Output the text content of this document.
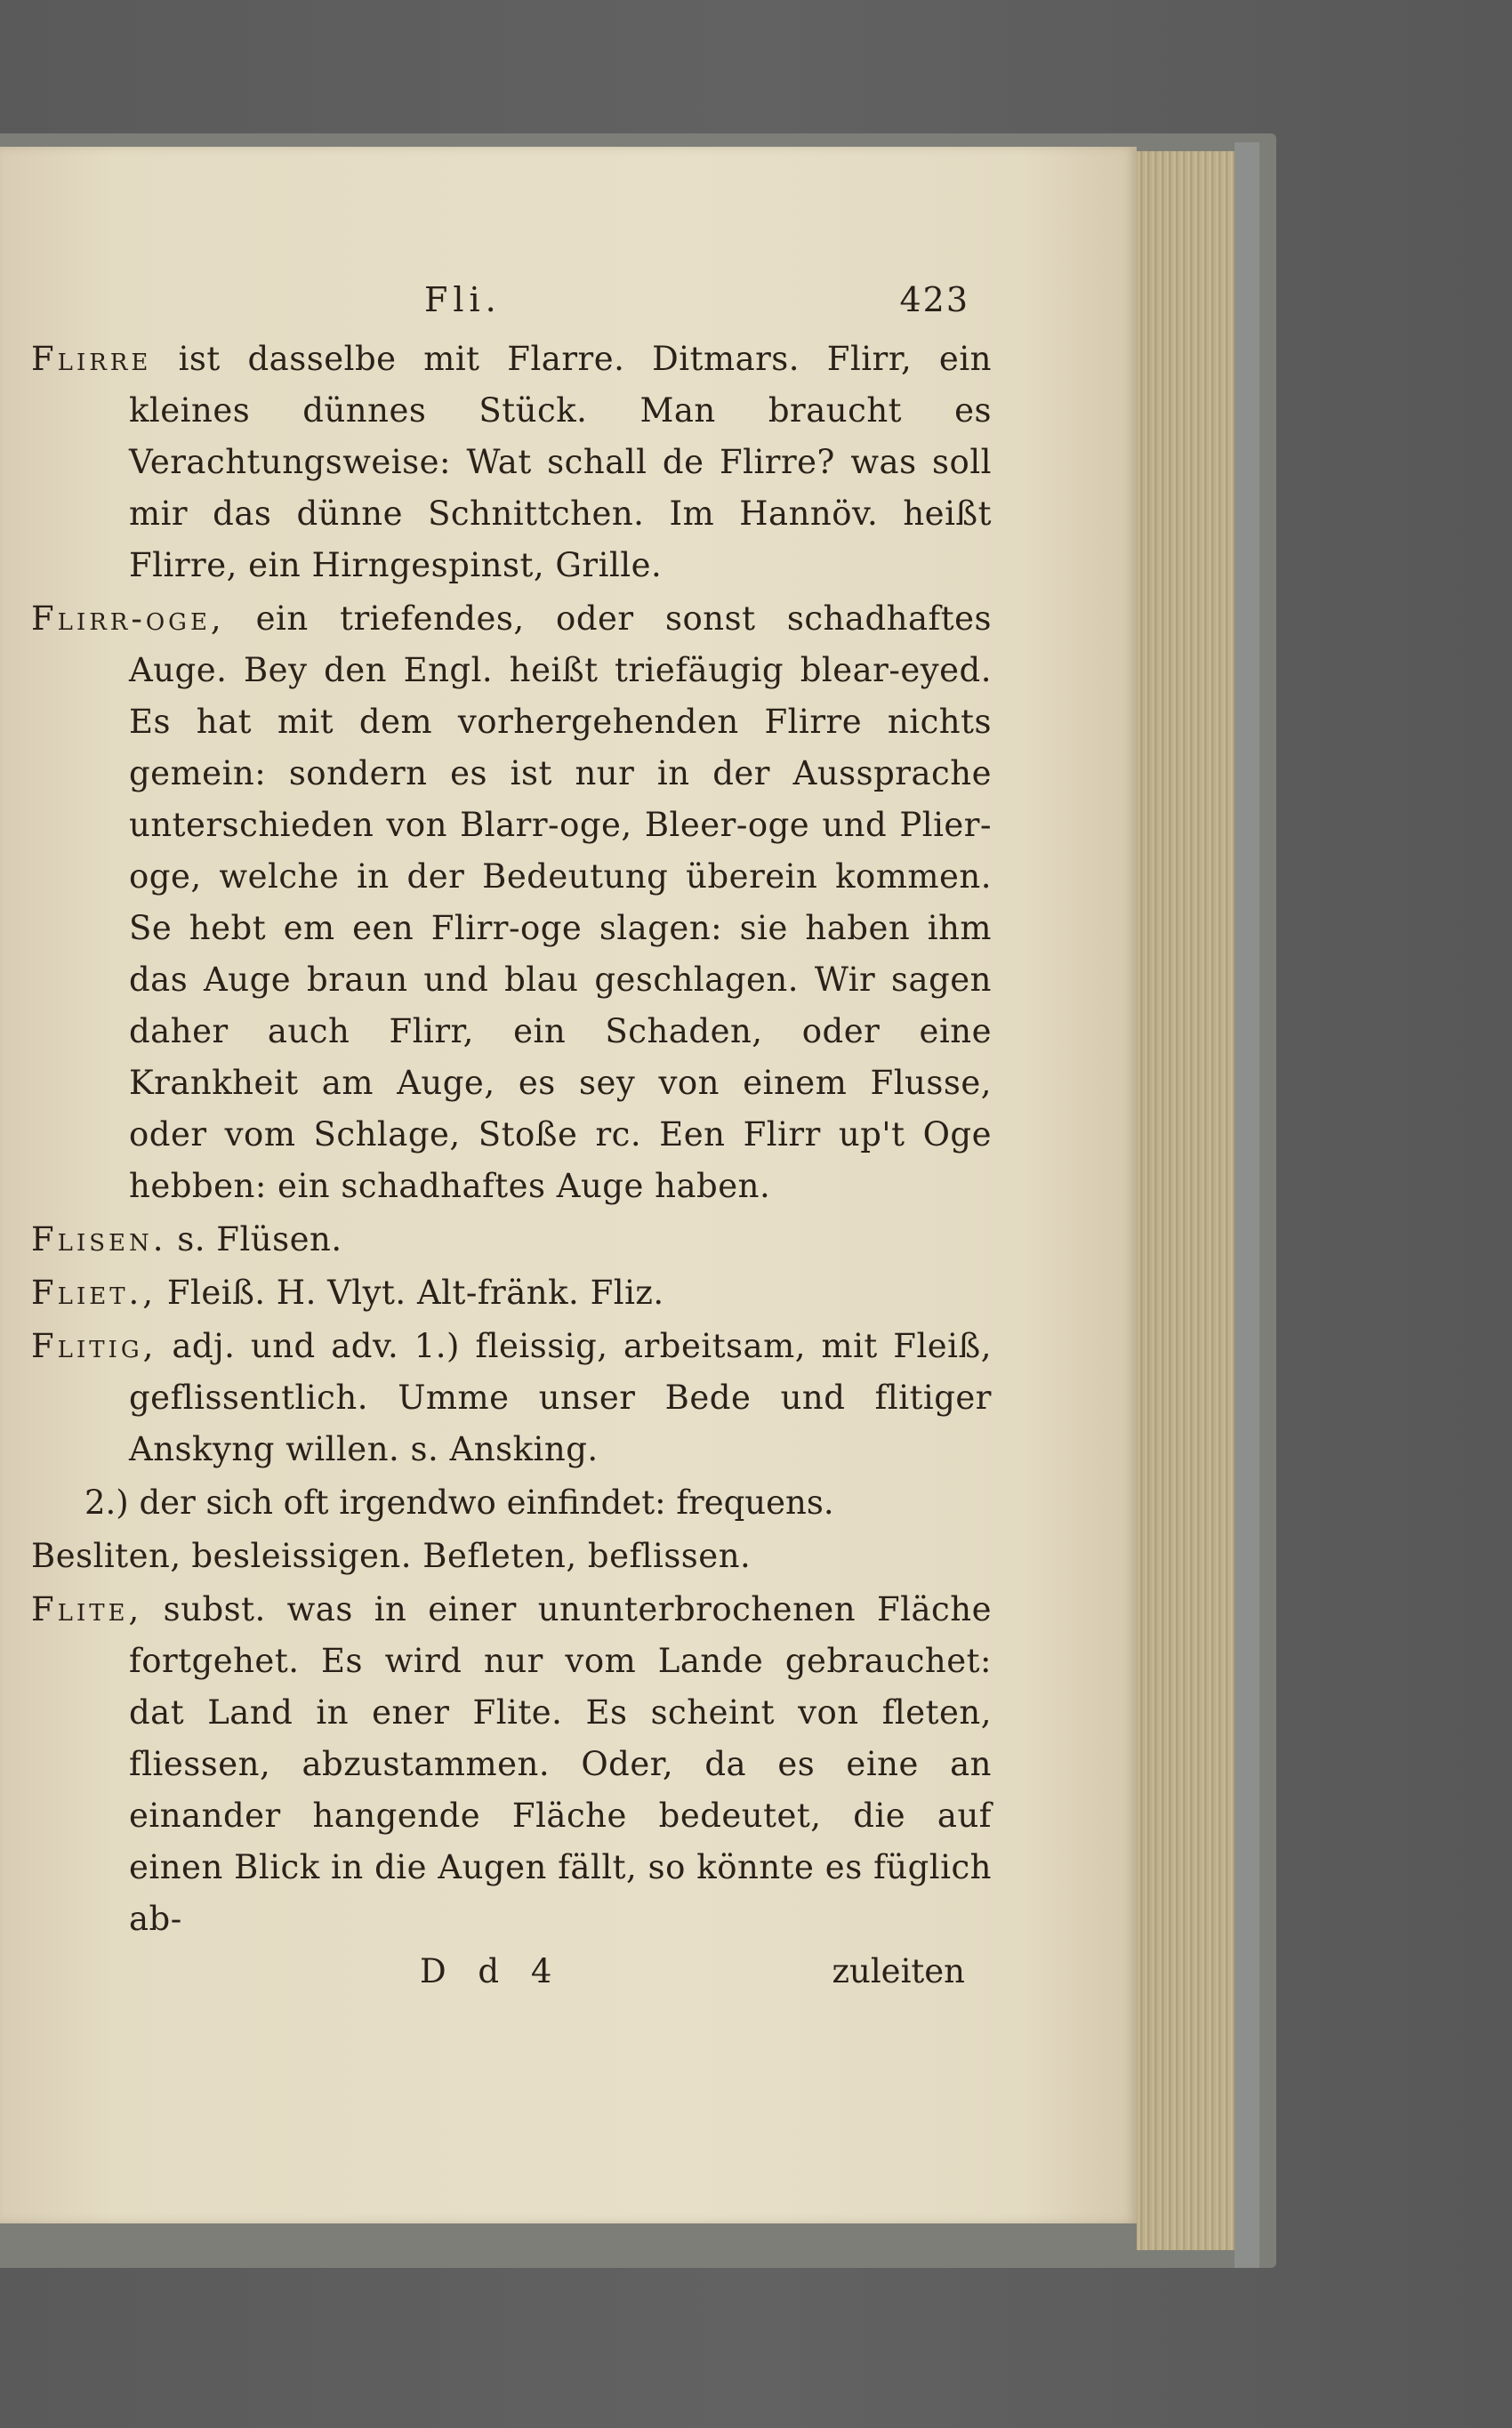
Fli.	423

Flirre ist dasselbe mit Flarre. Ditmars. Flirr, ein kleines dünnes Stück. Man braucht es Verachtungsweise: Wat schall de Flirre? was soll mir das dünne Schnittchen. Im Hannöv. heißt Flirre, ein Hirngespinst, Grille.

Flirr-oge, ein triefendes, oder sonst schadhaftes Auge. Bey den Engl. heißt triefäugig blear-eyed. Es hat mit dem vorhergehenden Flirre nichts gemein: sondern es ist nur in der Aussprache unterschieden von Blarr-oge, Bleer-oge und Plier-oge, welche in der Bedeutung überein kommen. Se hebt em een Flirr-oge slagen: sie haben ihm das Auge braun und blau geschlagen. Wir sagen daher auch Flirr, ein Schaden, oder eine Krankheit am Auge, es sey von einem Flusse, oder vom Schlage, Stoße rc. Een Flirr up't Oge hebben: ein schadhaftes Auge haben.

Flisen. s. Flüsen.

Fliet., Fleiß. H. Vlyt. Alt-fränk. Fliz.

Flitig, adj. und adv. 1.) fleissig, arbeitsam, mit Fleiß, geflissentlich. Umme unser Bede und flitiger Anskyng willen. s. Ansking.

2.) der sich oft irgendwo einfindet: frequens.

Besliten, besleissigen. Befleten, beflissen.

Flite, subst. was in einer ununterbrochenen Fläche fortgehet. Es wird nur vom Lande gebrauchet: dat Land in ener Flite. Es scheint von fleten, fliessen, abzustammen. Oder, da es eine an einander hangende Fläche bedeutet, die auf einen Blick in die Augen fällt, so könnte es füglich ab-

D d 4	zuleiten
